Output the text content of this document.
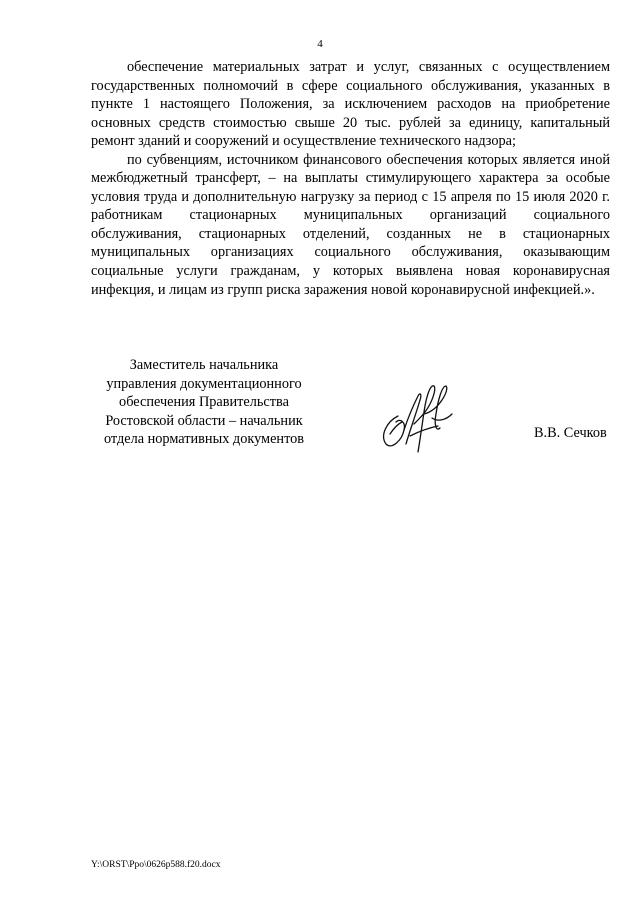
4

обеспечение материальных затрат и услуг, связанных с осуществлением государственных полномочий в сфере социального обслуживания, указанных в пункте 1 настоящего Положения, за исключением расходов на приобретение основных средств стоимостью свыше 20 тыс. рублей за единицу, капитальный ремонт зданий и сооружений и осуществление технического надзора;

по субвенциям, источником финансового обеспечения которых является иной межбюджетный трансферт, – на выплаты стимулирующего характера за особые условия труда и дополнительную нагрузку за период с 15 апреля по 15 июля 2020 г. работникам стационарных муниципальных организаций социального обслуживания, стационарных отделений, созданных не в стационарных муниципальных организациях социального обслуживания, оказывающим социальные услуги гражданам, у которых выявлена новая коронавирусная инфекция, и лицам из групп риска заражения новой коронавирусной инфекцией.».

Заместитель начальника
управления документационного
обеспечения Правительства
Ростовской области – начальник
отдела нормативных документов	В.В. Сечков
Y:\ORST\Ppo\0626p588.f20.docx
